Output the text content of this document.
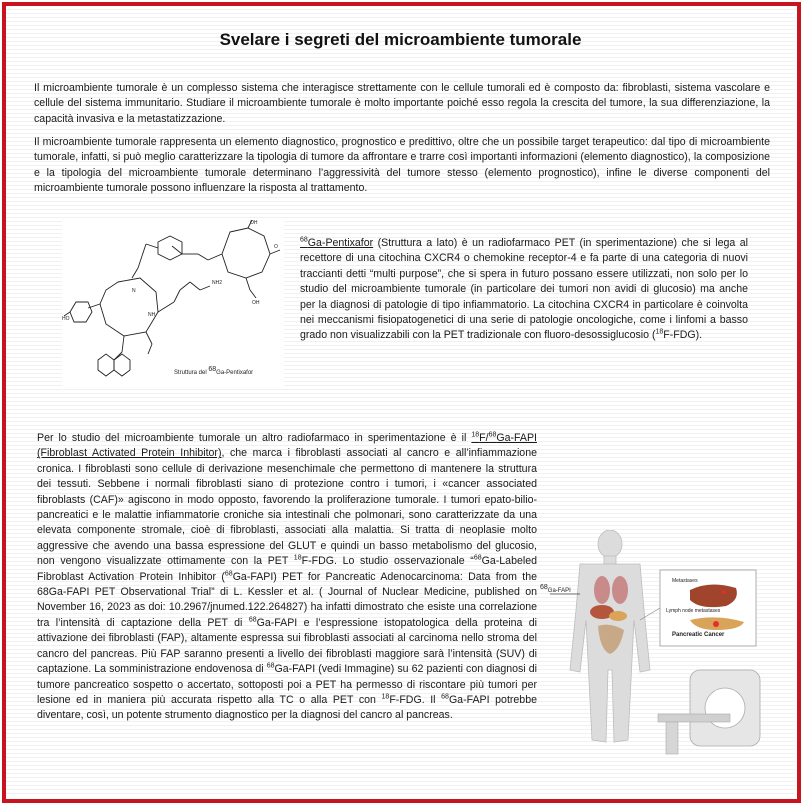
Svelare i segreti del microambiente tumorale

Il microambiente tumorale è un complesso sistema che interagisce strettamente con le cellule tumorali ed è composto da: fibroblasti, sistema vascolare e cellule del sistema immunitario. Studiare il microambiente tumorale è molto importante poiché esso regola la crescita del tumore, la sua differenziazione, la capacità invasiva e la metastatizzazione.

Il microambiente tumorale rappresenta un elemento diagnostico, prognostico e predittivo, oltre che un possibile target terapeutico: dal tipo di microambiente tumorale, infatti, si può meglio caratterizzare la tipologia di tumore da affrontare e trarre così importanti informazioni (elemento diagnostico), la composizione e la tipologia del microambiente tumorale determinano l’aggressività del tumore stesso (elemento prognostico), infine le diverse componenti del microambiente tumorale possono influenzare la risposta al trattamento.

OH
O
OH
NH2
HO
N
NH
Struttura del $^{68}$Ga-Pentixafor

$^{68}$Ga-Pentixafor (Struttura a lato) è un radiofarmaco PET (in sperimentazione) che si lega al recettore di una citochina CXCR4 o chemokine receptor-4 e fa parte di una categoria di nuovi traccianti detti “multi purpose”, che si spera in futuro possano essere utilizzati, non solo per lo studio del microambiente tumorale (in particolare dei tumori non avidi di glucosio) ma anche per la diagnosi di patologie di tipo infiammatorio. La citochina CXCR4 in particolare è coinvolta nei meccanismi fisiopatogenetici di una serie di patologie oncologiche, come i linfomi a basso grado non visualizzabili con la PET tradizionale con fluoro-desossiglucosio ($^{18}$F-FDG).

Per lo studio del microambiente tumorale un altro radiofarmaco in sperimentazione è il $^{18}$F/$^{68}$Ga-FAPI (Fibroblast Activated Protein Inhibitor), che marca i fibroblasti associati al cancro e all’infiammazione cronica. I fibroblasti sono cellule di derivazione mesenchimale che permettono di mantenere la struttura dei tessuti. Sebbene i normali fibroblasti siano di protezione contro i tumori, i «cancer associated fibroblasts (CAF)» agiscono in modo opposto, favorendo la proliferazione tumorale. I tumori epato-bilio-pancreatici e le malattie infiammatorie croniche sia intestinali che polmonari, sono caratterizzate da una elevata componente stromale, cioè di fibroblasti, associati alla malattia. Si tratta di neoplasie molto aggressive che avendo una bassa espressione del GLUT e quindi un basso metabolismo del glucosio, non vengono visualizzate ottimamente con la PET $^{18}$F-FDG. Lo studio osservazionale “$^{68}$Ga-Labeled Fibroblast Activation Protein Inhibitor ($^{68}$Ga-FAPI) PET for Pancreatic Adenocarcinoma: Data from the 68Ga-FAPI PET Observational Trial” di L. Kessler et al. ( Journal of Nuclear Medicine, published on November 16, 2023 as doi: 10.2967/jnumed.122.264827) ha infatti dimostrato che esiste una correlazione tra l’intensità di captazione della PET di $^{68}$Ga-FAPI e l’espressione istopatologica della proteina di attivazione dei fibroblasti (FAP), altamente espressa sui fibroblasti associati al carcinoma nello stroma del cancro del pancreas. Più FAP saranno presenti a livello dei fibroblasti maggiore sarà l’intensità (SUV) di captazione. La somministrazione endovenosa di $^{68}$Ga-FAPI (vedi Immagine) su 62 pazienti con diagnosi di tumore pancreatico sospetto o accertato, sottoposti poi a PET ha permesso di riscontare più tumori per lesione ed in maniera più accurata rispetto alla TC o alla PET con $^{18}$F-FDG. Il $^{68}$Ga-FAPI potrebbe diventare, così, un potente strumento diagnostico per la diagnosi del cancro al pancreas.

$^{68}$Ga-FAPI
Metastases
Lymph node metastases
Pancreatic Cancer
